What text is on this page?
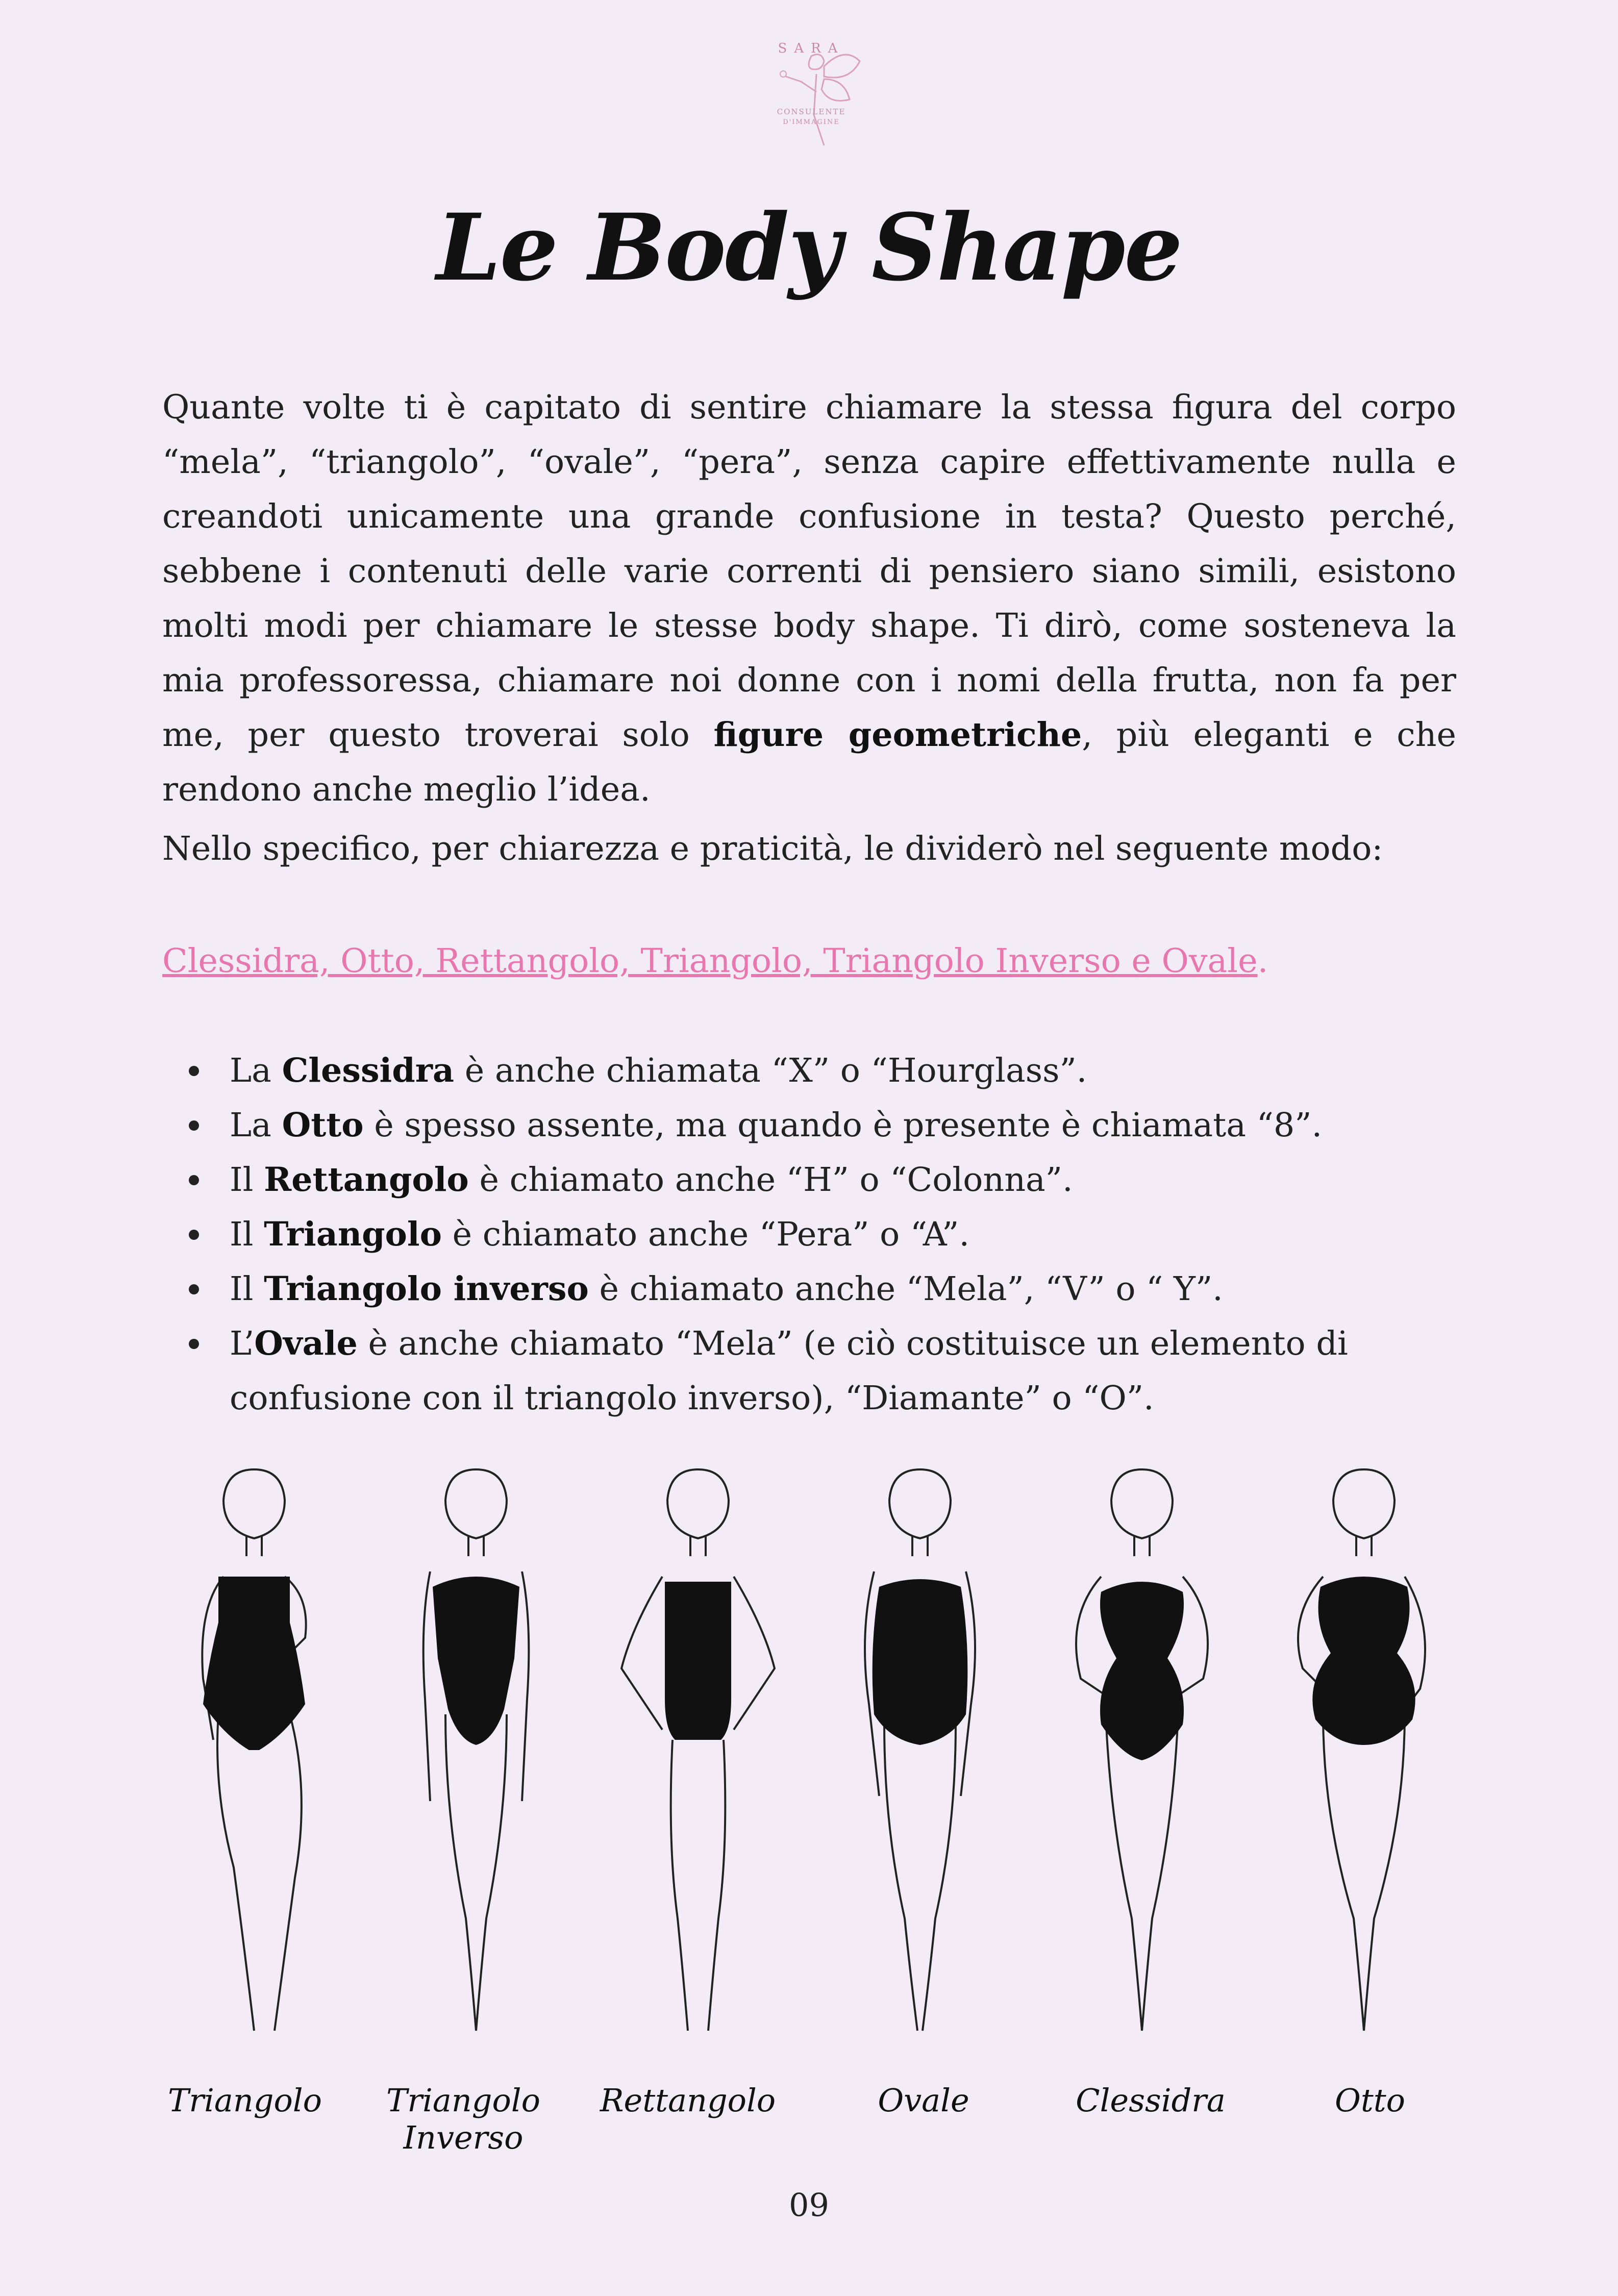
SARA
CONSULENTE
D'IMMAGINE
Le Body Shape
Quante volte ti è capitato di sentire chiamare la stessa figura del corpo “mela”, “triangolo”, “ovale”, “pera”, senza capire effettivamente nulla e creandoti unicamente una grande confusione in testa? Questo perché, sebbene i contenuti delle varie correnti di pensiero siano simili, esistono molti modi per chiamare le stesse body shape. Ti dirò, come sosteneva la mia professoressa, chiamare noi donne con i nomi della frutta, non fa per me, per questo troverai solo figure geometriche, più eleganti e che rendono anche meglio l’idea.
Nello specifico, per chiarezza e praticità, le dividerò nel seguente modo:
Clessidra, Otto, Rettangolo, Triangolo, Triangolo Inverso e Ovale.
La Clessidra è anche chiamata “X” o “Hourglass”.
La Otto è spesso assente, ma quando è presente è chiamata “8”.
Il Rettangolo è chiamato anche “H” o “Colonna”.
Il Triangolo è chiamato anche “Pera” o “A”.
Il Triangolo inverso è chiamato anche “Mela”, “V” o “ Y”.
L’Ovale è anche chiamato “Mela” (e ciò costituisce un elemento di confusione con il triangolo inverso), “Diamante” o “O”.
Triangolo	Triangolo Inverso
Rettangolo	Ovale	Clessidra	Otto
09
